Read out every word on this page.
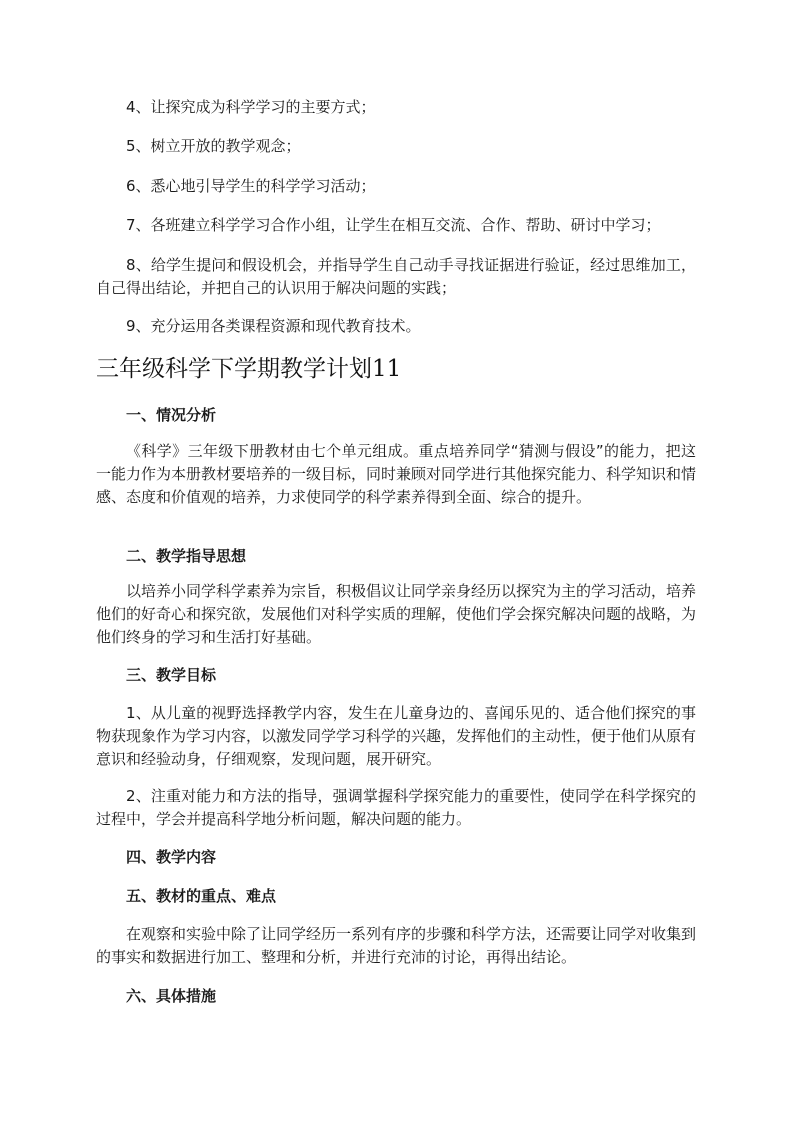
4、让探究成为科学学习的主要方式；

5、树立开放的教学观念；

6、悉心地引导学生的科学学习活动；

7、各班建立科学学习合作小组，让学生在相互交流、合作、帮助、研讨中学习；

8、给学生提问和假设机会，并指导学生自己动手寻找证据进行验证，经过思维加工，自己得出结论，并把自己的认识用于解决问题的实践；

9、充分运用各类课程资源和现代教育技术。

三年级科学下学期教学计划11
一、情况分析

《科学》三年级下册教材由七个单元组成。重点培养同学“猜测与假设”的能力，把这一能力作为本册教材要培养的一级目标，同时兼顾对同学进行其他探究能力、科学知识和情感、态度和价值观的培养，力求使同学的科学素养得到全面、综合的提升。

二、教学指导思想

以培养小同学科学素养为宗旨，积极倡议让同学亲身经历以探究为主的学习活动，培养他们的好奇心和探究欲，发展他们对科学实质的理解，使他们学会探究解决问题的战略，为他们终身的学习和生活打好基础。

三、教学目标

1、从儿童的视野选择教学内容，发生在儿童身边的、喜闻乐见的、适合他们探究的事物获现象作为学习内容，以激发同学学习科学的兴趣，发挥他们的主动性，便于他们从原有意识和经验动身，仔细观察，发现问题，展开研究。

2、注重对能力和方法的指导，强调掌握科学探究能力的重要性，使同学在科学探究的过程中，学会并提高科学地分析问题，解决问题的能力。

四、教学内容
五、教材的重点、难点

在观察和实验中除了让同学经历一系列有序的步骤和科学方法，还需要让同学对收集到的事实和数据进行加工、整理和分析，并进行充沛的讨论，再得出结论。

六、具体措施
